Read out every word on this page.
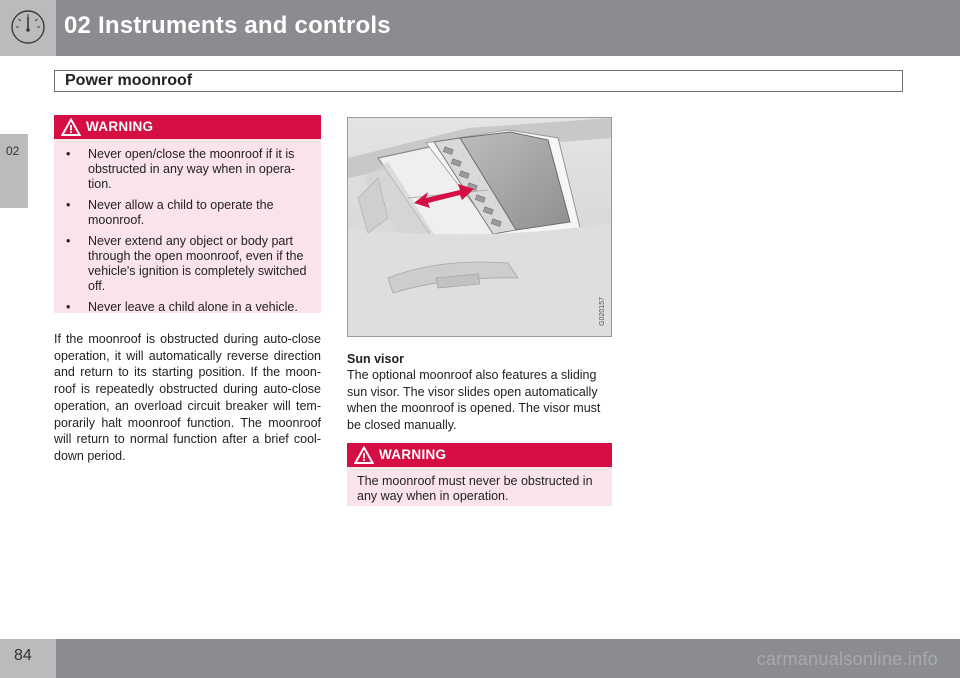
02 Instruments and controls
Power moonroof
02
WARNING
• Never open/close the moonroof if it is obstructed in any way when in opera-tion.
• Never allow a child to operate the moonroof.
• Never extend any object or body part through the open moonroof, even if the vehicle's ignition is completely switched off.
• Never leave a child alone in a vehicle.

If the moonroof is obstructed during auto-close operation, it will automatically reverse direction and return to its starting position. If the moon-roof is repeatedly obstructed during auto-close operation, an overload circuit breaker will tem-porarily halt moonroof function. The moonroof will return to normal function after a brief cool-down period.

G020157
Sun visor

The optional moonroof also features a sliding sun visor. The visor slides open automatically when the moonroof is opened. The visor must be closed manually.

WARNING

The moonroof must never be obstructed in any way when in operation.

84	carmanualsonline.info
